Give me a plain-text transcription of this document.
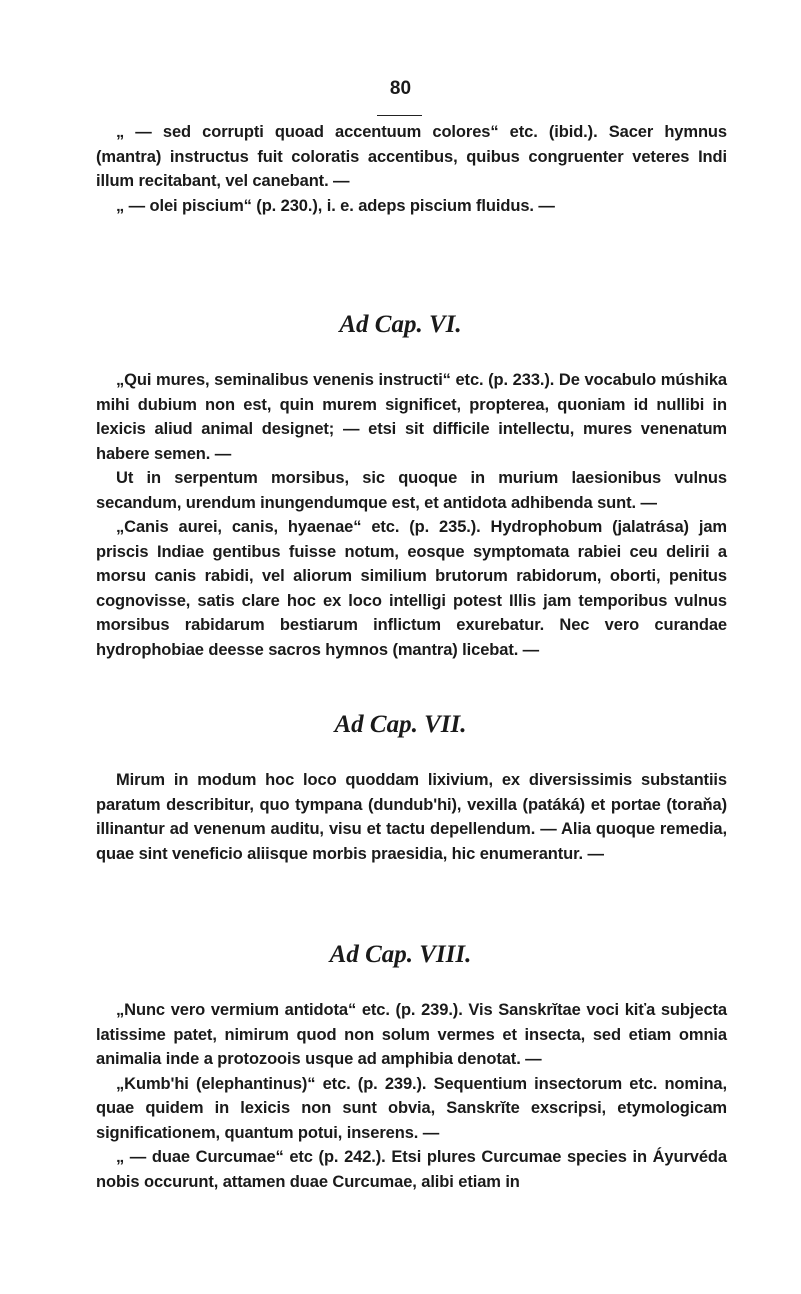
80

„ — sed corrupti quoad accentuum colores“ etc. (ibid.). Sacer hymnus (mantra) instructus fuit coloratis accentibus, quibus congruenter veteres Indi illum recitabant, vel canebant. —

„ — olei piscium“ (p. 230.), i. e. adeps piscium fluidus. —

Ad Cap. VI.

„Qui mures, seminalibus venenis instructi“ etc. (p. 233.). De vocabulo múshika mihi dubium non est, quin murem significet, propterea, quoniam id nullibi in lexicis aliud animal designet; — etsi sit difficile intellectu, mures venenatum habere semen. —

Ut in serpentum morsibus, sic quoque in murium laesionibus vulnus secandum, urendum inungendumque est, et antidota adhibenda sunt. —

„Canis aurei, canis, hyaenae“ etc. (p. 235.). Hydrophobum (jalatrása) jam priscis Indiae gentibus fuisse notum, eosque symptomata rabiei ceu delirii a morsu canis rabidi, vel aliorum similium brutorum rabidorum, oborti, penitus cognovisse, satis clare hoc ex loco intelligi potest Illis jam temporibus vulnus morsibus rabidarum bestiarum inflictum exurebatur. Nec vero curandae hydrophobiae deesse sacros hymnos (mantra) licebat. —

Ad Cap. VII.

Mirum in modum hoc loco quoddam lixivium, ex diversissimis substantiis paratum describitur, quo tympana (dundub'hi), vexilla (patáká) et portae (toraňa) illinantur ad venenum auditu, visu et tactu depellendum. — Alia quoque remedia, quae sint veneficio aliisque morbis praesidia, hic enumerantur. —

Ad Cap. VIII.

„Nunc vero vermium antidota“ etc. (p. 239.). Vis Sanskrĭtae voci kiťa subjecta latissime patet, nimirum quod non solum vermes et insecta, sed etiam omnia animalia inde a protozoois usque ad amphibia denotat. —

„Kumb'hi (elephantinus)“ etc. (p. 239.). Sequentium insectorum etc. nomina, quae quidem in lexicis non sunt obvia, Sanskrĭte exscripsi, etymologicam significationem, quantum potui, inserens. —

„ — duae Curcumae“ etc (p. 242.). Etsi plures Curcumae species in Áyurvéda nobis occurunt, attamen duae Curcumae, alibi etiam in
